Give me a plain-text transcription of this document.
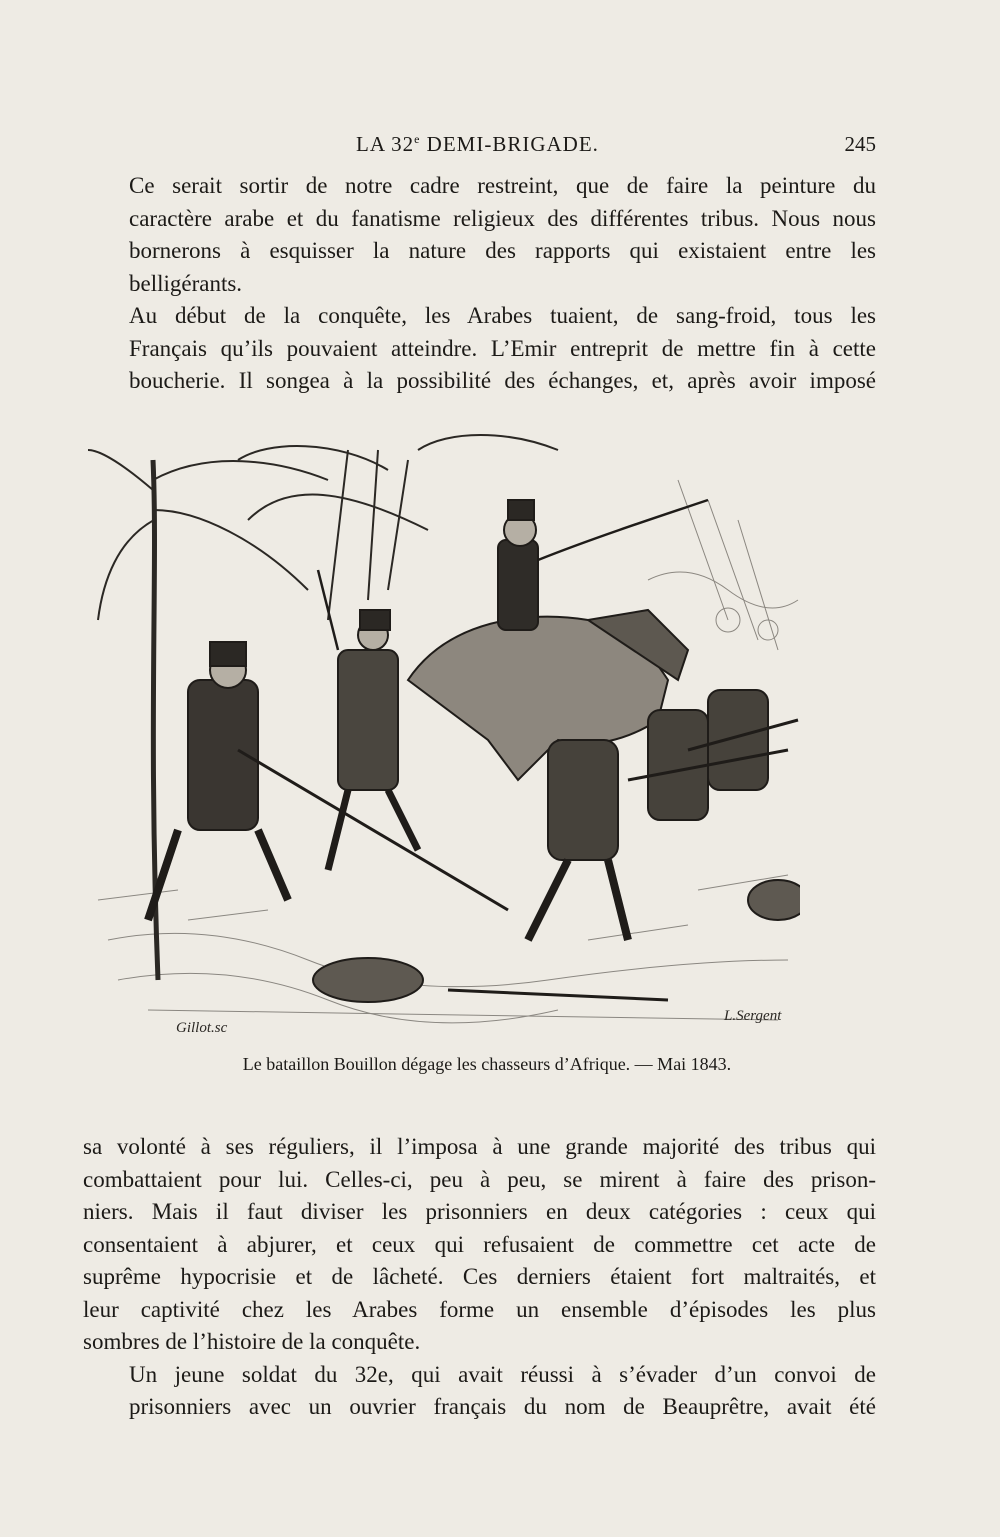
LA 32e DEMI-BRIGADE.	245

Ce serait sortir de notre cadre restreint, que de faire la peinture du
caractère arabe et du fanatisme religieux des différentes tribus. Nous nous
bornerons à esquisser la nature des rapports qui existaient entre les
belligérants.

Au début de la conquête, les Arabes tuaient, de sang-froid, tous les
Français qu’ils pouvaient atteindre. L’Emir entreprit de mettre fin à cette
boucherie. Il songea à la possibilité des échanges, et, après avoir imposé

Gillot.sc
L.Sergent
Le bataillon Bouillon dégage les chasseurs d’Afrique. — Mai 1843.

sa volonté à ses réguliers, il l’imposa à une grande majorité des tribus qui
combattaient pour lui. Celles-ci, peu à peu, se mirent à faire des prison-
niers. Mais il faut diviser les prisonniers en deux catégories : ceux qui
consentaient à abjurer, et ceux qui refusaient de commettre cet acte de
suprême hypocrisie et de lâcheté. Ces derniers étaient fort maltraités, et
leur captivité chez les Arabes forme un ensemble d’épisodes les plus
sombres de l’histoire de la conquête.

Un jeune soldat du 32e, qui avait réussi à s’évader d’un convoi de
prisonniers avec un ouvrier français du nom de Beauprêtre, avait été
